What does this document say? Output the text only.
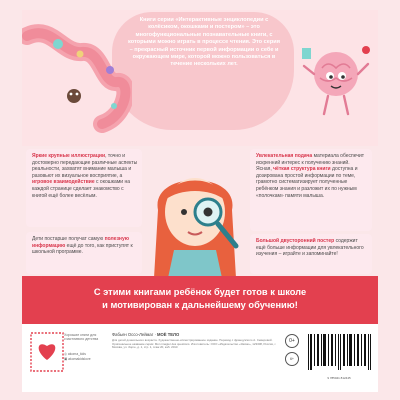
Книги серии «Интерактивные энциклопедии с колёсиком, окошками и постером» – это многофункциональные познавательные книги, с которыми можно играть в процессе чтения. Это серия – прекрасный источник первой информации о себе и окружающем мире, которой можно пользоваться в течение нескольких лет.
Яркие крупные иллюстрации, точно и достоверно передающие различные аспекты реальности, захватят внимание малыша и разовьют их визуальное восприятие, а игровое взаимодействие с окошками на каждой странице сделает знакомство с книгой ещё более весёлым.
Дети постарше получат самую полезную информацию ещё до того, как приступят к школьной программе.
Увлекательная подача материала обеспечит искренний интерес к получению знаний. Ясная, чёткая структура книги доступна и дозирована простой информации по теме, грамотно систематизирует полученные ребёнком знания и разложит их по нужным «полочкам» памяти малыша.
Большой двусторонний постер содержит ещё больше информации для увлекательного изучения – играйте и запоминайте!
С этими книгами ребёнок будет готов к школе
и мотивирован к дальнейшему обучению!
Хорошие книги для счастливого детства
◎ akoma_kids
▣ akomakidslove
Фабьен Оссо-Леймаг · МОЁ ТЕЛО
Для детей дошкольного возраста. Художественно-иллюстрированное издание. Перевод с французского А. Северовой. Оригинальное название серии: Mon imagier des questions. Изготовитель: ООО «Издательство «Эксмо», 123308, Россия, г. Москва, ул. Зорге, д. 1, стр. 1, этаж 20, каб. 2013.
0+
6+
9 785041 812445
